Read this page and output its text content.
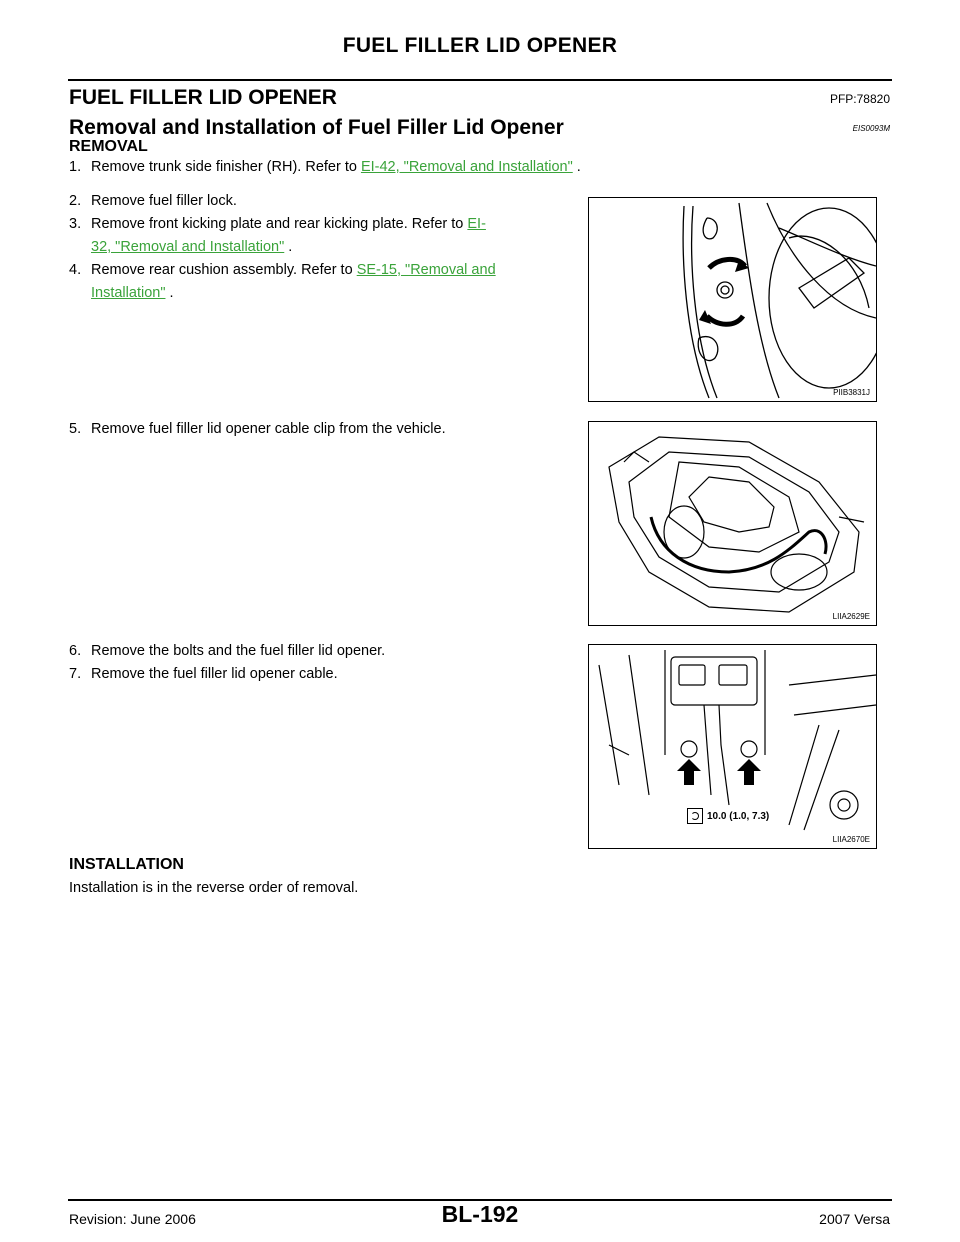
FUEL FILLER LID OPENER
FUEL FILLER LID OPENER	PFP:78820
Removal and Installation of Fuel Filler Lid Opener	EIS0093M
REMOVAL
1. Remove trunk side finisher (RH). Refer to EI-42, "Removal and Installation" .
2. Remove fuel filler lock.
3. Remove front kicking plate and rear kicking plate. Refer to EI-
32, "Removal and Installation" .
4. Remove rear cushion assembly. Refer to SE-15, "Removal and
Installation" .
PIIB3831J
5. Remove fuel filler lid opener cable clip from the vehicle.
LIIA2629E
6. Remove the bolts and the fuel filler lid opener.
7. Remove the fuel filler lid opener cable.
10.0 (1.0, 7.3)
LIIA2670E
INSTALLATION
Installation is in the reverse order of removal.
Revision: June 2006	BL-192	2007 Versa
